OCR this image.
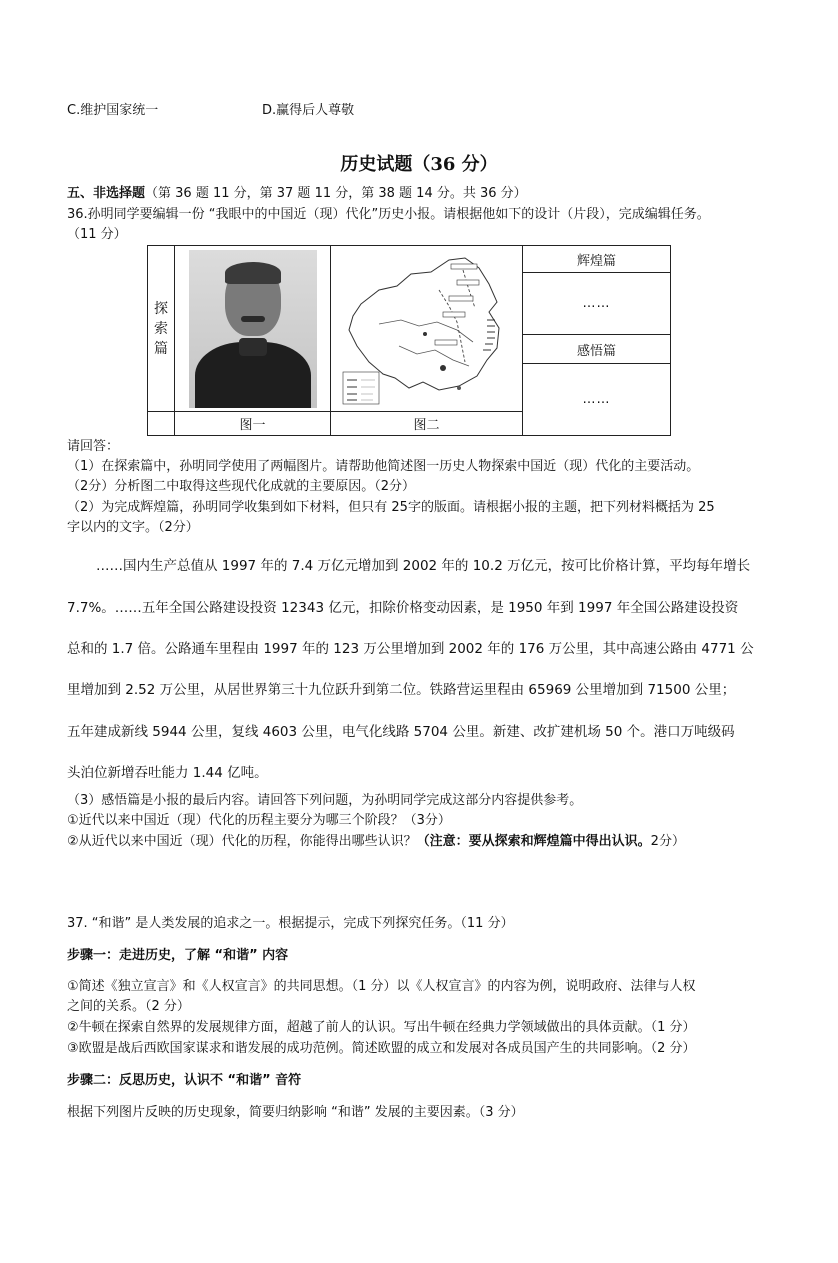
C.维护国家统一	D.赢得后人尊敬
历史试题（36 分）
五、非选择题（第 36 题 11 分，第 37 题 11 分，第 38 题 14 分。共 36 分）
36.孙明同学要编辑一份 “我眼中的中国近（现）代化”历史小报。请根据他如下的设计（片段），完成编辑任务。
（11 分）
探索篇			辉煌篇
			……
			感悟篇
			……
	图一	图二	
请回答：
（1）在探索篇中，孙明同学使用了两幅图片。请帮助他简述图一历史人物探索中国近（现）代化的主要活动。
（2分）分析图二中取得这些现代化成就的主要原因。（2分）
（2）为完成辉煌篇，孙明同学收集到如下材料，但只有 25字的版面。请根据小报的主题，把下列材料概括为 25
字以内的文字。（2分）
……国内生产总值从 1997 年的 7.4 万亿元增加到 2002 年的 10.2 万亿元，按可比价格计算，平均每年增长
7.7%。……五年全国公路建设投资 12343 亿元，扣除价格变动因素，是 1950 年到 1997 年全国公路建设投资
总和的 1.7 倍。公路通车里程由 1997 年的 123 万公里增加到 2002 年的 176 万公里，其中高速公路由 4771 公
里增加到 2.52 万公里，从居世界第三十九位跃升到第二位。铁路营运里程由 65969 公里增加到 71500 公里；
五年建成新线 5944 公里，复线 4603 公里，电气化线路 5704 公里。新建、改扩建机场 50 个。港口万吨级码
头泊位新增吞吐能力 1.44 亿吨。
（3）感悟篇是小报的最后内容。请回答下列问题，为孙明同学完成这部分内容提供参考。
①近代以来中国近（现）代化的历程主要分为哪三个阶段？（3分）
②从近代以来中国近（现）代化的历程，你能得出哪些认识？（注意：要从探索和辉煌篇中得出认识。2分）
37. “和谐” 是人类发展的追求之一。根据提示，完成下列探究任务。（11 分）
步骤一：走进历史，了解 “和谐” 内容
①简述《独立宣言》和《人权宣言》的共同思想。（1 分）以《人权宣言》的内容为例，说明政府、法律与人权
之间的关系。（2 分）
②牛顿在探索自然界的发展规律方面，超越了前人的认识。写出牛顿在经典力学领域做出的具体贡献。（1 分）
③欧盟是战后西欧国家谋求和谐发展的成功范例。简述欧盟的成立和发展对各成员国产生的共同影响。（2 分）
步骤二：反思历史，认识不 “和谐” 音符
根据下列图片反映的历史现象，简要归纳影响 “和谐” 发展的主要因素。（3 分）
